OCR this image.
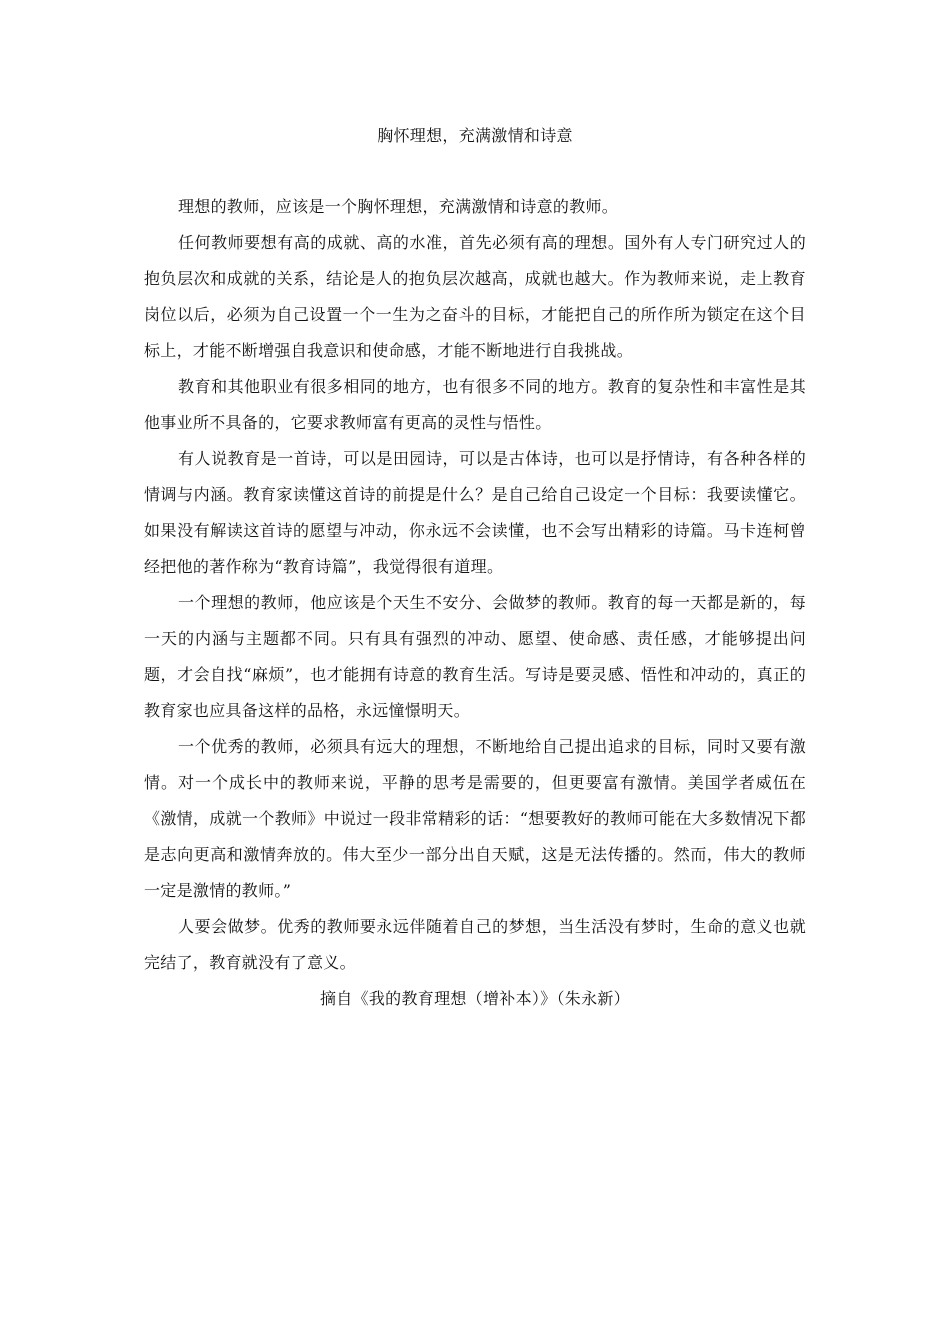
胸怀理想，充满激情和诗意

理想的教师，应该是一个胸怀理想，充满激情和诗意的教师。

任何教师要想有高的成就、高的水准，首先必须有高的理想。国外有人专门研究过人的抱负层次和成就的关系，结论是人的抱负层次越高，成就也越大。作为教师来说，走上教育岗位以后，必须为自己设置一个一生为之奋斗的目标，才能把自己的所作所为锁定在这个目标上，才能不断增强自我意识和使命感，才能不断地进行自我挑战。

教育和其他职业有很多相同的地方，也有很多不同的地方。教育的复杂性和丰富性是其他事业所不具备的，它要求教师富有更高的灵性与悟性。

有人说教育是一首诗，可以是田园诗，可以是古体诗，也可以是抒情诗，有各种各样的情调与内涵。教育家读懂这首诗的前提是什么？是自己给自己设定一个目标：我要读懂它。如果没有解读这首诗的愿望与冲动，你永远不会读懂，也不会写出精彩的诗篇。马卡连柯曾经把他的著作称为“教育诗篇”，我觉得很有道理。

一个理想的教师，他应该是个天生不安分、会做梦的教师。教育的每一天都是新的，每一天的内涵与主题都不同。只有具有强烈的冲动、愿望、使命感、责任感，才能够提出问题，才会自找“麻烦”，也才能拥有诗意的教育生活。写诗是要灵感、悟性和冲动的，真正的教育家也应具备这样的品格，永远憧憬明天。

一个优秀的教师，必须具有远大的理想，不断地给自己提出追求的目标，同时又要有激情。对一个成长中的教师来说，平静的思考是需要的，但更要富有激情。美国学者威伍在《激情，成就一个教师》中说过一段非常精彩的话：“想要教好的教师可能在大多数情况下都是志向更高和激情奔放的。伟大至少一部分出自天赋，这是无法传播的。然而，伟大的教师一定是激情的教师。”

人要会做梦。优秀的教师要永远伴随着自己的梦想，当生活没有梦时，生命的意义也就完结了，教育就没有了意义。

摘自《我的教育理想（增补本）》（朱永新）
